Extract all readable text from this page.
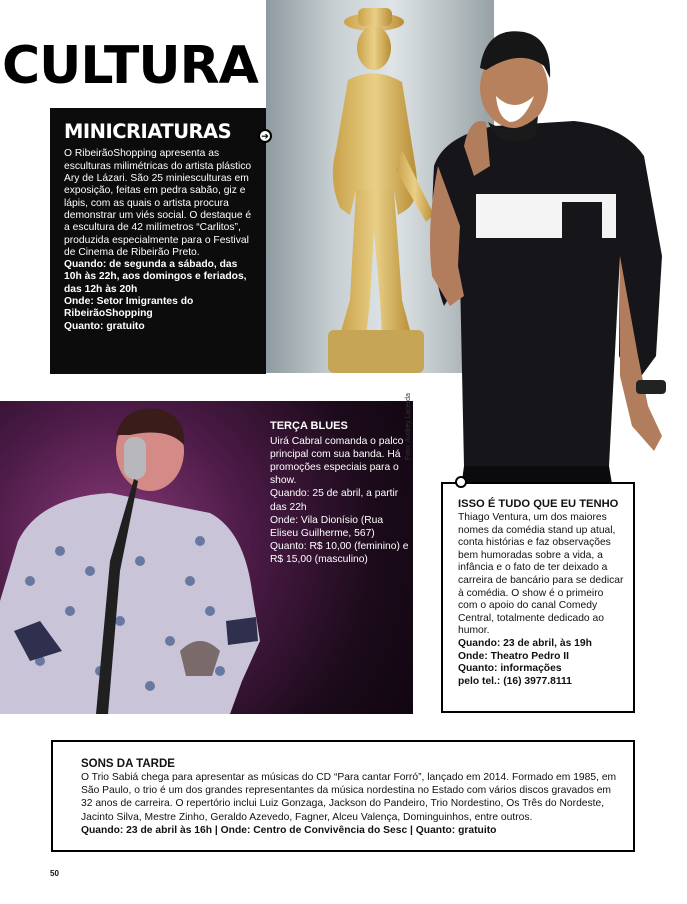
CULTURA
MINICRIATURAS

O RibeirãoShopping apresenta as esculturas milimétricas do artista plástico Ary de Lázari. São 25 miniesculturas em exposição, feitas em pedra sabão, giz e lápis, com as quais o artista procura demonstrar um viés social. O destaque é a escultura de 42 milímetros “Carlitos”, produzida especialmente para o Festival de Cinema de Ribeirão Preto.

Quando: de segunda a sábado, das 10h às 22h, aos domingos e feriados, das 12h às 20h
Onde: Setor Imigrantes do RibeirãoShopping
Quanto: gratuito
➔
TERÇA BLUES
Uirá Cabral comanda o palco principal com sua banda. Há promoções especiais para o show.
Quando: 25 de abril, a partir das 22h
Onde: Vila Dionísio (Rua Eliseu Guilherme, 567)
Quanto: R$ 10,00 (feminino) e
R$ 15,00 (masculino)
Foto: Audrey Lacerda
ISSO É TUDO QUE EU TENHO
Thiago Ventura, um dos maiores nomes da comédia stand up atual, conta histórias e faz observações bem humoradas sobre a vida, a infância e o fato de ter deixado a carreira de bancário para se dedicar à comédia. O show é o primeiro com o apoio do canal Comedy Central, totalmente dedicado ao humor.
Quando: 23 de abril, às 19h
Onde: Theatro Pedro II
Quanto: informações
pelo tel.: (16) 3977.8111
SONS DA TARDE
O Trio Sabiá chega para apresentar as músicas do CD “Para cantar Forró”, lançado em 2014. Formado em 1985, em São Paulo, o trio é um dos grandes representantes da música nordestina no Estado com vários discos gravados em 32 anos de carreira. O repertório inclui Luiz Gonzaga, Jackson do Pandeiro, Trio Nordestino, Os Três do Nordeste, Jacinto Silva, Mestre Zinho, Geraldo Azevedo, Fagner, Alceu Valença, Dominguinhos, entre outros.
Quando: 23 de abril às 16h | Onde: Centro de Convivência do Sesc | Quanto: gratuito
50
